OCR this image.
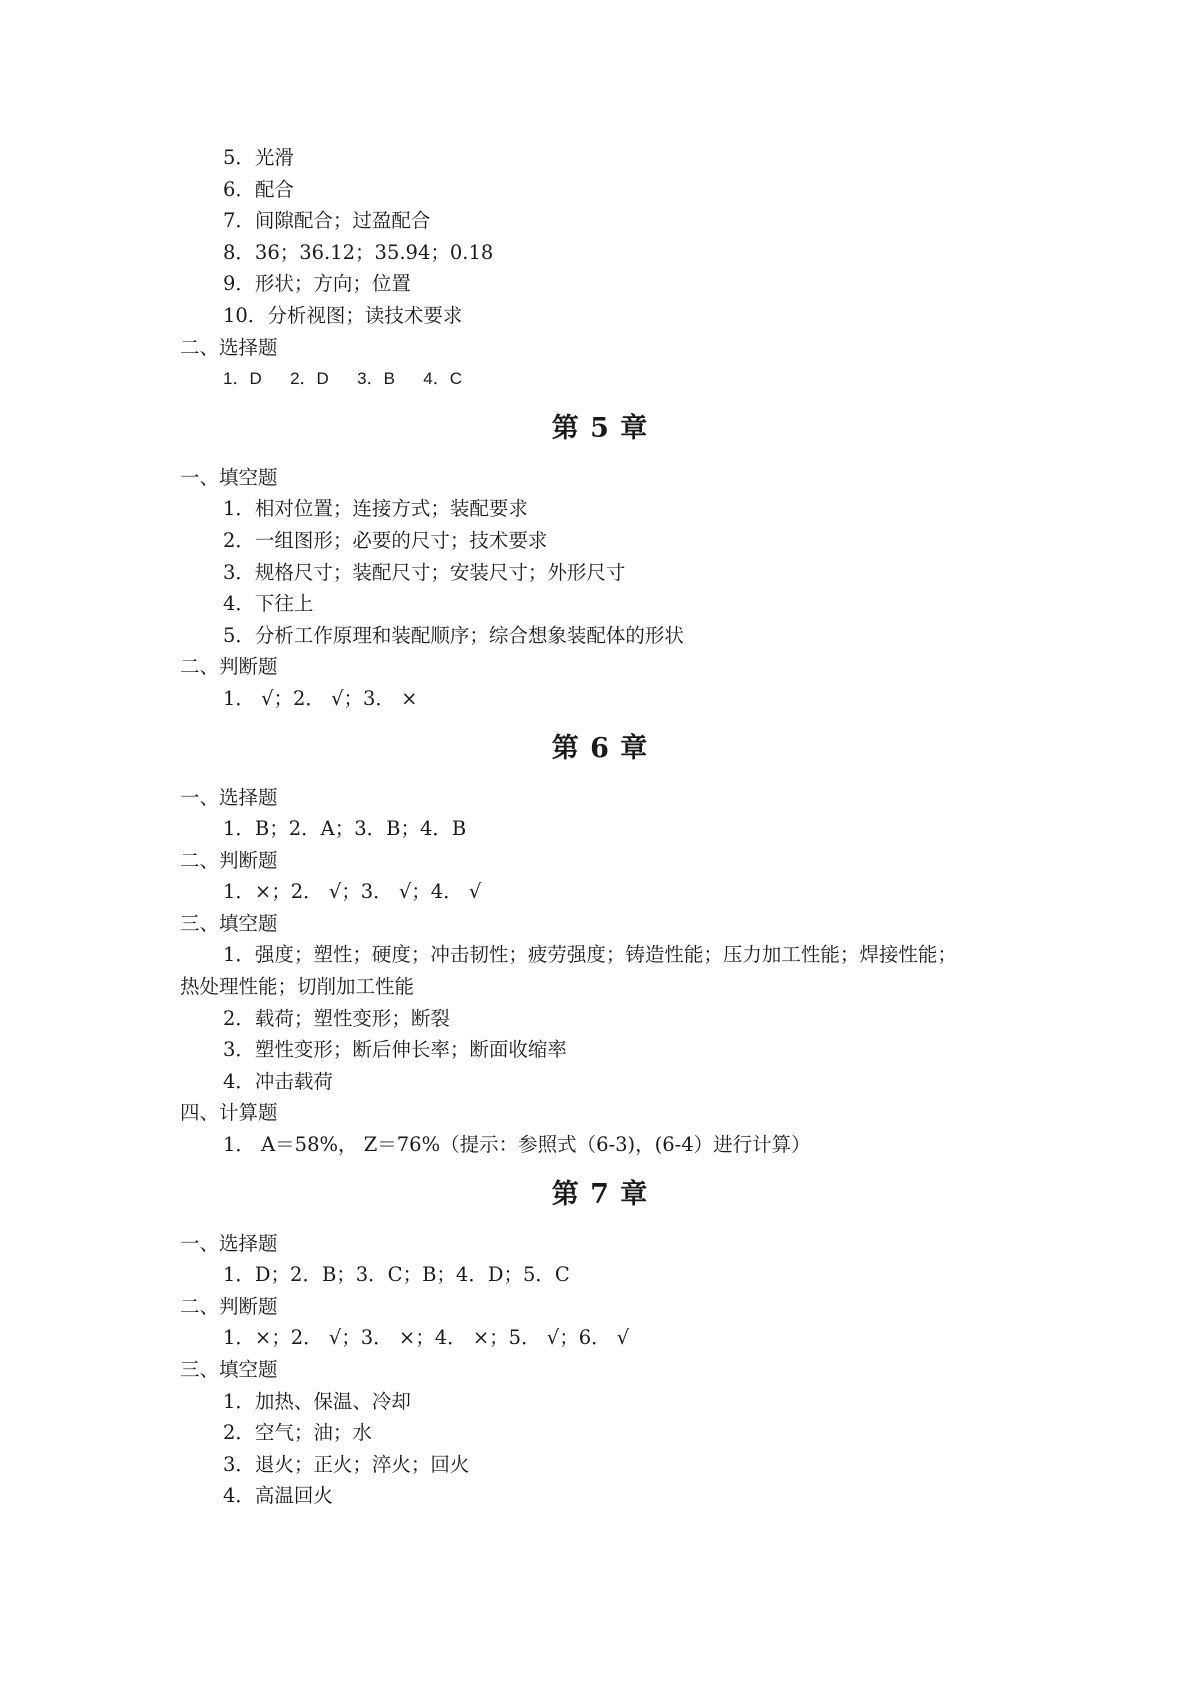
5．光滑
6．配合
7．间隙配合；过盈配合
8．36；36.12；35.94；0.18
9．形状；方向；位置
10．分析视图；读技术要求
二、选择题
1．D      2．D      3．B      4．C
第 5 章
一、填空题
1．相对位置；连接方式；装配要求
2．一组图形；必要的尺寸；技术要求
3．规格尺寸；装配尺寸；安装尺寸；外形尺寸
4．下往上
5．分析工作原理和装配顺序；综合想象装配体的形状
二、判断题
1． √；2． √；3． ×
第 6 章
一、选择题
1．B；2．A；3．B；4．B
二、判断题
1．×；2． √；3． √；4． √
三、填空题
1．强度；塑性；硬度；冲击韧性；疲劳强度；铸造性能；压力加工性能；焊接性能；
热处理性能；切削加工性能
2．载荷；塑性变形；断裂
3．塑性变形；断后伸长率；断面收缩率
4．冲击载荷
四、计算题
1． A＝58%， Z＝76%（提示：参照式（6-3)，(6-4）进行计算）
第 7 章
一、选择题
1．D；2．B；3．C；B；4．D；5．C
二、判断题
1．×；2． √；3． ×；4． ×；5． √；6． √
三、填空题
1．加热、保温、冷却
2．空气；油；水
3．退火；正火；淬火；回火
4．高温回火
